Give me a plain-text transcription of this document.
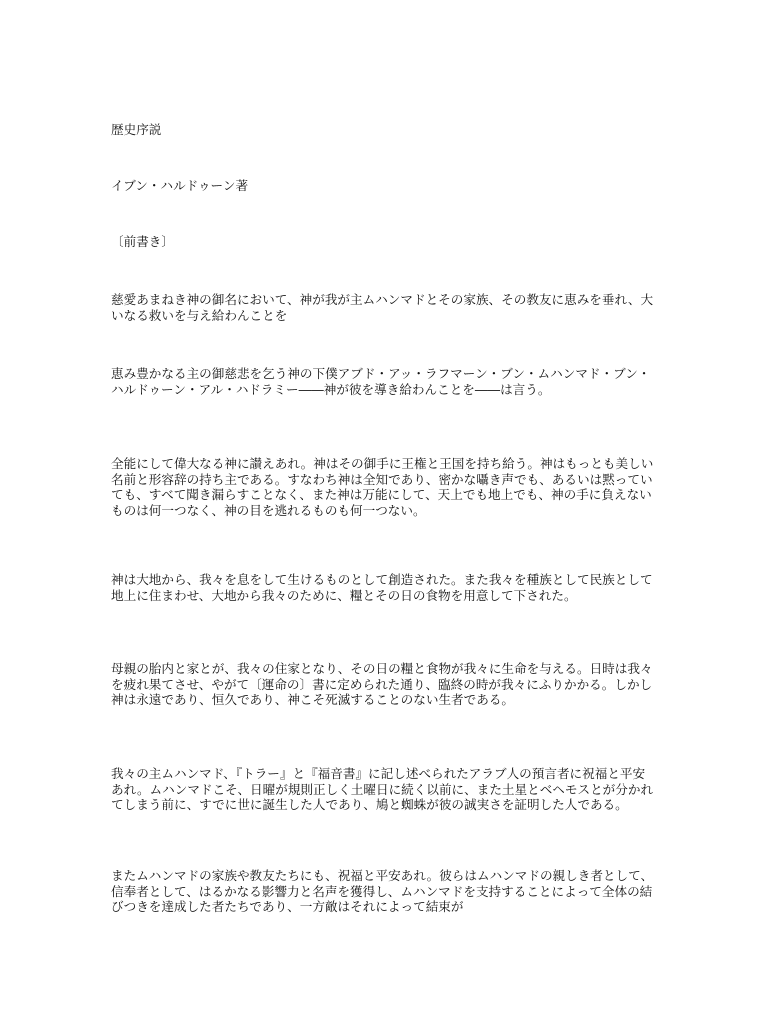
歴史序説

イブン・ハルドゥーン著

〔前書き〕

慈愛あまねき神の御名において、神が我が主ムハンマドとその家族、その教友に恵みを垂れ、大いなる救いを与え給わんことを

恵み豊かなる主の御慈悲を乞う神の下僕アブド・アッ・ラフマーン・ブン・ムハンマド・ブン・ハルドゥーン・アル・ハドラミー――神が彼を導き給わんことを――は言う。

全能にして偉大なる神に讃えあれ。神はその御手に王権と王国を持ち給う。神はもっとも美しい名前と形容辞の持ち主である。すなわち神は全知であり、密かな囁き声でも、あるいは黙っていても、すべて聞き漏らすことなく、また神は万能にして、天上でも地上でも、神の手に負えないものは何一つなく、神の目を逃れるものも何一つない。

神は大地から、我々を息をして生けるものとして創造された。また我々を種族として民族として地上に住まわせ、大地から我々のために、糧とその日の食物を用意して下された。

母親の胎内と家とが、我々の住家となり、その日の糧と食物が我々に生命を与える。日時は我々を疲れ果てさせ、やがて〔運命の〕書に定められた通り、臨終の時が我々にふりかかる。しかし神は永遠であり、恒久であり、神こそ死滅することのない生者である。

我々の主ムハンマド、『トラー』と『福音書』に記し述べられたアラブ人の預言者に祝福と平安あれ。ムハンマドこそ、日曜が規則正しく土曜日に続く以前に、また土星とベヘモスとが分かれてしまう前に、すでに世に誕生した人であり、鳩と蜘蛛が彼の誠実さを証明した人である。

またムハンマドの家族や教友たちにも、祝福と平安あれ。彼らはムハンマドの親しき者として、信奉者として、はるかなる影響力と名声を獲得し、ムハンマドを支持することによって全体の結びつきを達成した者たちであり、一方敵はそれによって結束が
